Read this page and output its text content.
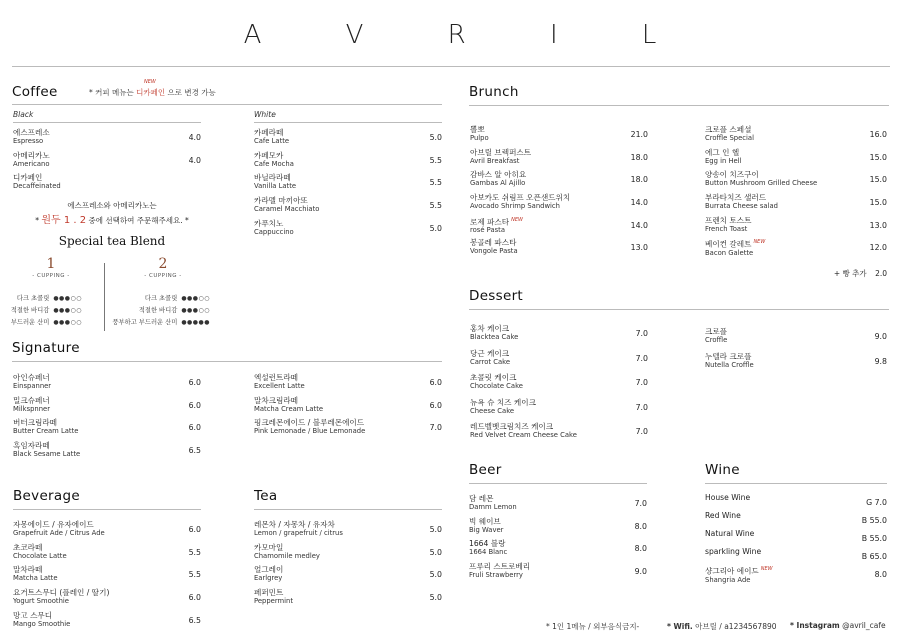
A V R I L
Coffee
NEW
* 커피 메뉴는 디카페인 으로 변경 가능
Black
에스프레소
Espresso	4.0
아메리카노
Americano	4.0
디카페인
Decaffeinated
White
카페라떼
Cafe Latte	5.0
카페모카
Cafe Mocha	5.5
바닐라라떼
Vanilla Latte	5.5
카라멜 마끼아또
Caramel Macchiato	5.5
카푸치노
Cappuccino	5.0
에스프레소와 아메리카노는
* 원두 1 . 2 중에 선택하여 주문해주세요. *
Special tea Blend
1
- CUPPING -
다크 초콜릿 ●●●○○
적절한 바디감 ●●●○○
부드러운 산미 ●●●○○
2
- CUPPING -
다크 초콜릿 ●●●○○
적절한 바디감 ●●●○○
풍부하고 부드러운 산미 ●●●●●
Signature
아인슈페너
Einspanner	6.0
밀크슈페너
Milkspnner	6.0
버터크림라떼
Butter Cream Latte	6.0
흑임자라떼
Black Sesame Latte	6.5
엑설런트라떼
Excellent Latte	6.0
말차크림라떼
Matcha Cream Latte	6.0
핑크레몬에이드 / 블루레몬에이드
Pink Lemonade / Blue Lemonade	7.0
Beverage
자몽에이드 / 유자에이드
Grapefruit Ade / Citrus Ade	6.0
초코라떼
Chocolate Latte	5.5
말차라떼
Matcha Latte	5.5
요거트스무디 (플레인 / 딸기)
Yogurt Smoothie	6.0
망고 스무디
Mango Smoothie	6.5
Tea
레몬차 / 자몽차 / 유자차
Lemon / grapefruit / citrus	5.0
카모마일
Chamomile medley	5.0
얼그레이
Earlgrey	5.0
페퍼민트
Peppermint	5.0
Brunch
뽈뽀
Pulpo	21.0
아브릴 브렉퍼스트
Avril Breakfast	18.0
감바스 알 아히요
Gambas Al Ajillo	18.0
아보카도 쉬림프 오픈샌드위치
Avocado Shrimp Sandwich	14.0
로제 파스타 $^{NEW}$
rosé Pasta
14.0
봉골레 파스타
Vongole Pasta	13.0
크로플 스페셜
Croffle Special	16.0
에그 인 헬
Egg in Hell	15.0
양송이 치즈구이
Button Mushroom Grilled Cheese	15.0
부라타치즈 샐러드
Burrata Cheese salad	15.0
프렌치 토스트
French Toast	13.0
베이컨 갈레트 $^{NEW}$
Bacon Galette
12.0
+ 빵 추가 2.0
Dessert
홍차 케이크
Blacktea Cake	7.0
당근 케이크
Carrot Cake	7.0
초콜릿 케이크
Chocolate Cake	7.0
뉴욕 슈 치즈 케이크
Cheese Cake	7.0
레드벨벳크림치즈 케이크
Red Velvet Cream Cheese Cake	7.0
크로플
Croffle	9.0
누텔라 크로플
Nutella Croffle	9.8
Beer
담 레몬
Damm Lemon	7.0
빅 웨이브
Big Waver	8.0
1664 블랑
1664 Blanc	8.0
프루리 스트로베리
Fruli Strawberry	9.0
Wine
House Wine
G 7.0
Red Wine
B 55.0
Natural Wine
B 55.0
sparkling Wine
B 65.0
샹그리아 에이드 $^{NEW}$
Shangria Ade
8.0
* 1인 1메뉴 / 외부음식금지-	* Wifi. 아브릴 / a1234567890 * Instagram @avril_cafe
